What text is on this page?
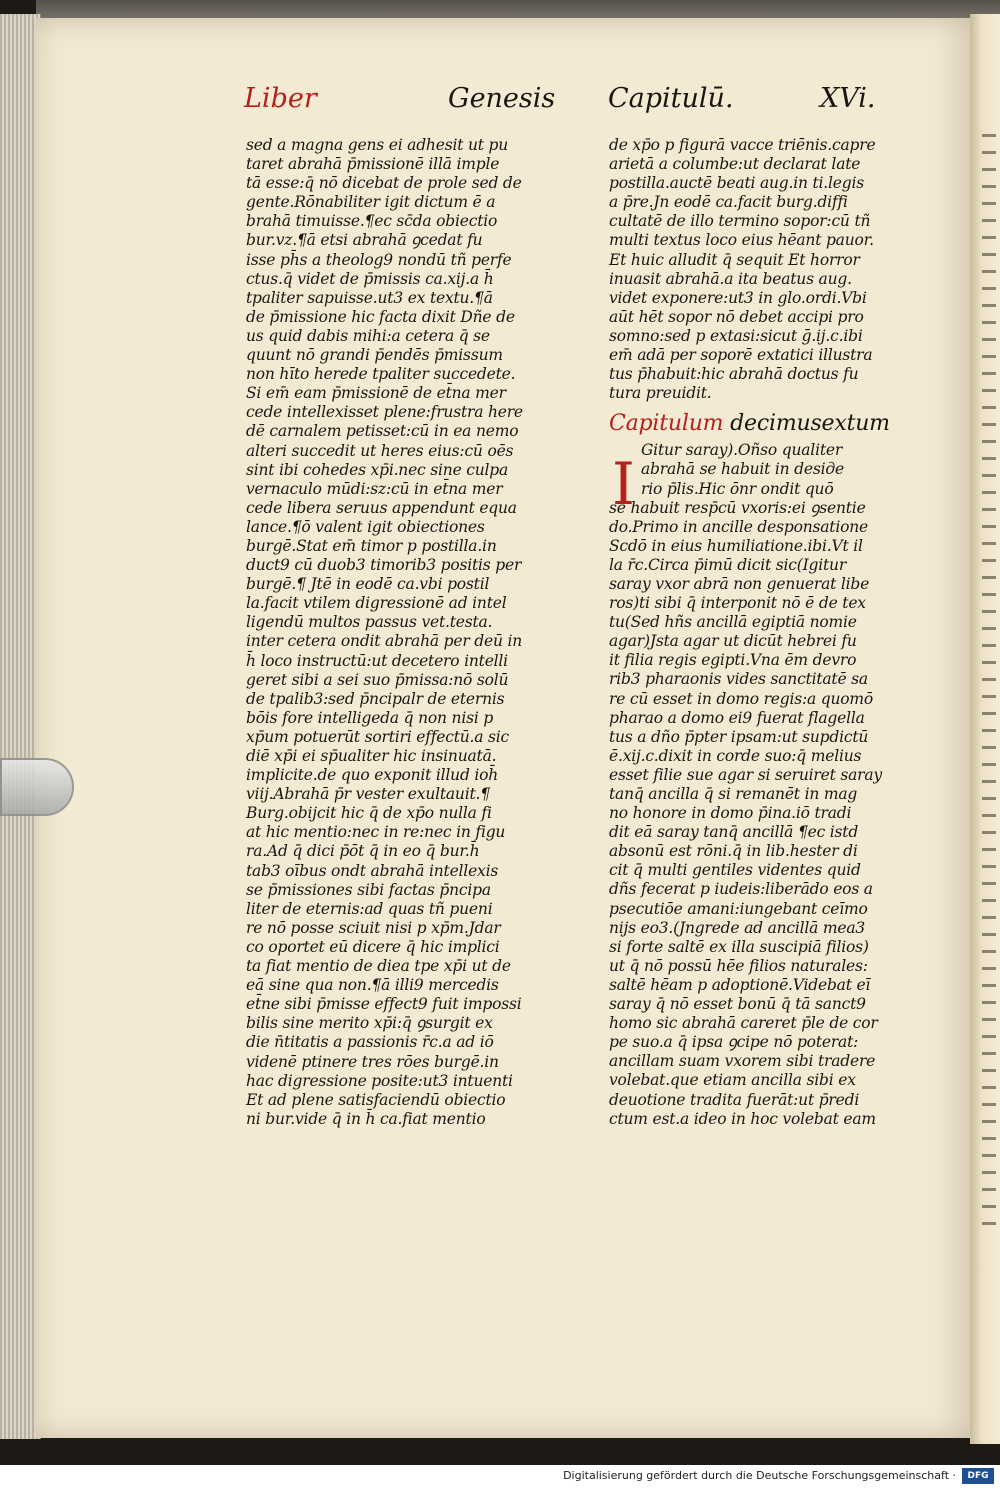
Liber	Genesis Capitulū.	XVi.
sed a magna gens ei adhesit ut pu
taret abrahā p̄missionē illā imple
tā esse:q̄ nō dicebat de prole sed de
gente.Rōnabiliter igit dictum ē a
brahā timuisse.¶ec sc̄da obiectio
bur.vz.¶ā etsi abrahā ꝯcedat fu
isse ph̄s a theolog9 nondū tñ perfe
ctus.q̄ videt de p̄missis ca.xij.a h̄
tpaliter sapuisse.ut3 ex textu.¶ā
de p̄missione hic facta dixit Dñe de
us quid dabis mihi:a cetera q̄ se
quunt nō grandi p̄endēs p̄missum
non hīto herede tpaliter succedete.
Si em̄ eam p̄missionē de et̄na mer
cede intellexisset plene:frustra here
dē carnalem petisset:cū in ea nemo
alteri succedit ut heres eius:cū oēs
sint ibi cohedes xp̄i.nec sine culpa
vernaculo mūdi:sz:cū in et̄na mer
cede libera seruus appendunt equa
lance.¶ō valent igit obiectiones
burgē.Stat em̄ timor p postilla.in
duct9 cū duob3 timorib3 positis per
burgē.¶ Jtē in eodē ca.vbi postil
la.facit vtilem digressionē ad intel
ligendū multos passus vet.testa.
inter cetera ondit abrahā per deū in
h̄ loco instructū:ut decetero intelli
geret sibi a sei suo p̄missa:nō solū
de tpalib3:sed p̄ncipalr de eternis
bōis fore intelligeda q̄ non nisi p
xp̄um potuerūt sortiri effectū.a sic
diē xp̄i ei sp̄ualiter hic insinuatā.
implicite.de quo exponit illud ioh̄
viij.Abrahā p̄r vester exultauit.¶
Burg.obijcit hic q̄ de xp̄o nulla fi
at hic mentio:nec in re:nec in figu
ra.Ad q̄ dici p̄ōt q̄ in eo q̄ bur.h̄
tab3 oībus ondt abrahā intellexis
se p̄missiones sibi factas p̄ncipa
liter de eternis:ad quas tñ pueni
re nō posse sciuit nisi p xp̄m.Jdar
co oportet eū dicere q̄ hic implici
ta fiat mentio de diea tpe xp̄i ut de
eā sine qua non.¶ā illi9 mercedis
et̄ne sibi p̄misse effect9 fuit impossi
bilis sine merito xp̄i:q̄ ꝯsurgit ex
die n̄titatis a passionis r̄c.a ad iō
videnē ptinere tres rōes burgē.in
hac digressione posite:ut3 intuenti
Et ad plene satisfaciendū obiectio
ni bur.vide q̄ in h̄ ca.fiat mentio
de xp̄o p figurā vacce triēnis.capre
arietā a columbe:ut declarat late
postilla.auctē beati aug.in ti.legis
a p̄re.Jn eodē ca.facit burg.diffi
cultatē de illo termino sopor:cū tñ
multi textus loco eius hēant pauor.
Et huic alludit q̄ sequit Et horror
inuasit abrahā.a ita beatus aug.
videt exponere:ut3 in glo.ordi.Vbi
aūt hēt sopor nō debet accipi pro
somno:sed p extasi:sicut ḡ.ij.c.ibi
em̄ adā per soporē extatici illustra
tus p̄habuit:hic abrahā doctus fu
tura preuidit.
Capitulum decimusextum
Gitur saray).Oñso qualiter
abrahā se habuit in desiде
rio p̄lis.Hic ōnr ondit quō
se habuit resp̄cū vxoris:ei ꝯsentie
do.Primo in ancille desponsatione
Scdō in eius humiliatione.ibi.Vt il
la r̄c.Circa p̄imū dicit sic(Igitur
saray vxor abrā non genuerat libe
ros)ti sibi q̄ interponit nō ē de tex
tu(Sed hñs ancillā egiptiā nomie
agar)Jsta agar ut dicūt hebrei fu
it filia regis egipti.Vna ēm devro
rib3 pharaonis vides sanctitatē sa
re cū esset in domo regis:a quomō
pharao a domo ei9 fuerat flagella
tus a dño p̄pter ipsam:ut supdictū
ē.xij.c.dixit in corde suo:q̄ melius
esset filie sue agar si seruiret saray
tanq̄ ancilla q̄ si remanēt in mag
no honore in domo p̄ina.iō tradi
dit eā saray tanq̄ ancillā ¶ec istd
absonū est rōni.q̄ in lib.hester di
cit q̄ multi gentiles videntes quid
dñs fecerat p iudeis:liberādo eos a
psecutiōe amani:iungebant ceīmo
nijs eo3.(Jngrede ad ancillā mea3
si forte saltē ex illa suscipiā filios)
ut q̄ nō possū hēe filios naturales:
saltē hēam p adoptionē.Videbat eī
saray q̄ nō esset bonū q̄ tā sanct9
homo sic abrahā careret p̄le de cor
pe suo.a q̄ ipsa ꝯcipe nō poterat:
ancillam suam vxorem sibi tradere
volebat.que etiam ancilla sibi ex
deuotione tradita fuerāt:ut p̄redi
ctum est.a ideo in hoc volebat eam
I
Digitalisierung gefördert durch die Deutsche Forschungsgemeinschaft ·	DFG
